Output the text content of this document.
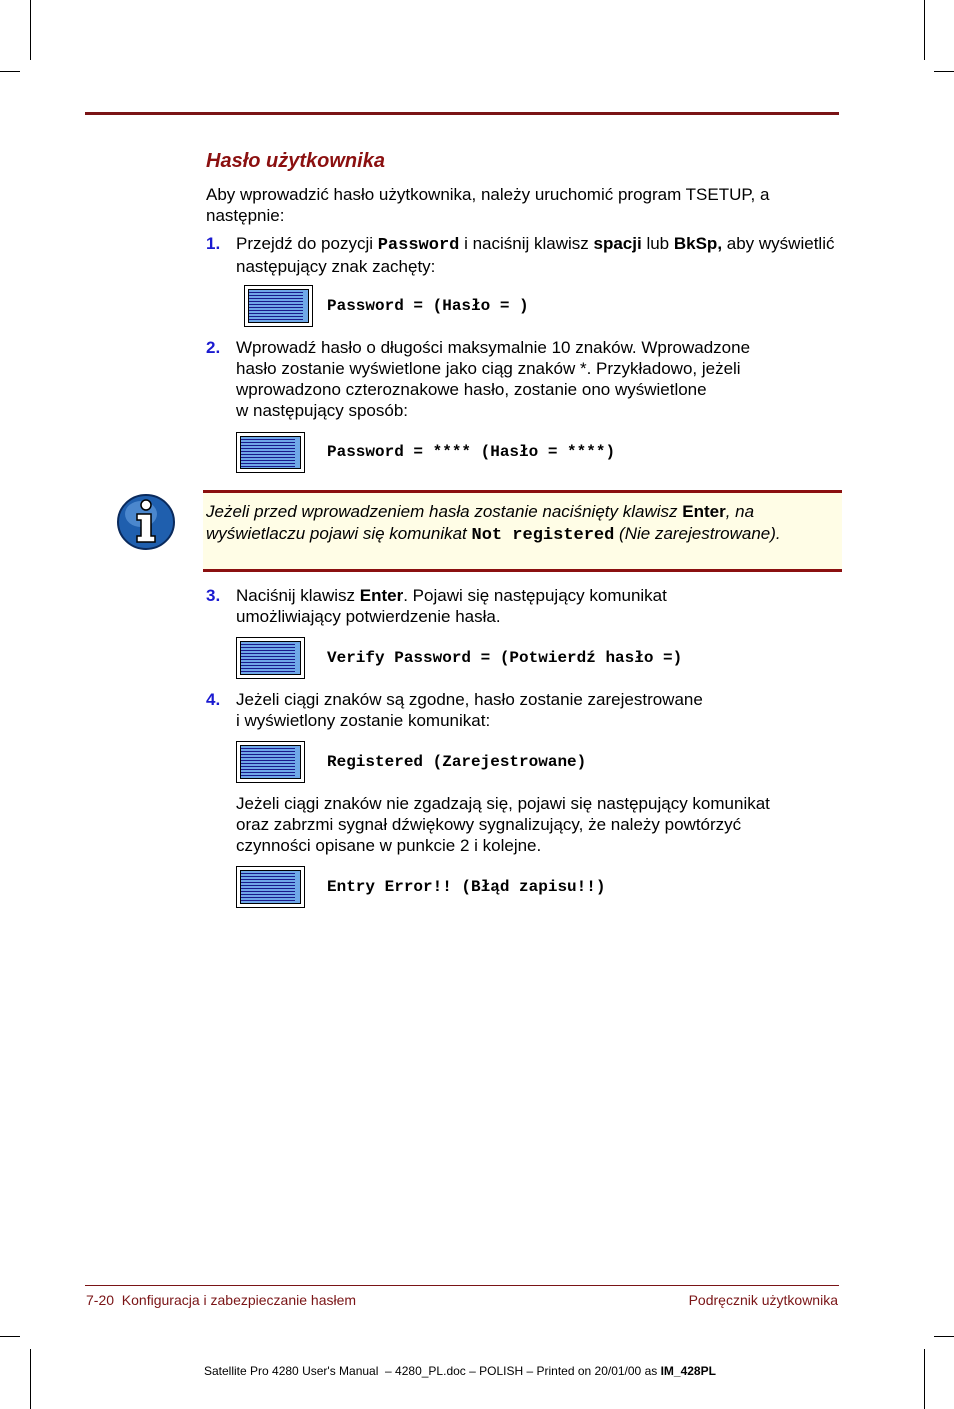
Hasło użytkownika
Aby wprowadzić hasło użytkownika, należy uruchomić program TSETUP, a następnie:
1. Przejdź do pozycji Password i naciśnij klawisz spacji lub BkSp, aby wyświetlić następujący znak zachęty:
Password = (Hasło = )
2. Wprowadź hasło o długości maksymalnie 10 znaków. Wprowadzone
hasło zostanie wyświetlone jako ciąg znaków *. Przykładowo, jeżeli
wprowadzono czteroznakowe hasło, zostanie ono wyświetlone
w następujący sposób:
Password = **** (Hasło = ****)
Jeżeli przed wprowadzeniem hasła zostanie naciśnięty klawisz Enter, na wyświetlaczu pojawi się komunikat Not registered (Nie zarejestrowane).
3. Naciśnij klawisz Enter. Pojawi się następujący komunikat
umożliwiający potwierdzenie hasła.
Verify Password = (Potwierdź hasło =)
4. Jeżeli ciągi znaków są zgodne, hasło zostanie zarejestrowane
i wyświetlony zostanie komunikat:
Registered (Zarejestrowane)
Jeżeli ciągi znaków nie zgadzają się, pojawi się następujący komunikat
oraz zabrzmi sygnał dźwiękowy sygnalizujący, że należy powtórzyć
czynności opisane w punkcie 2 i kolejne.
Entry Error!! (Błąd zapisu!!)
7-20  Konfiguracja i zabezpieczanie hasłem	Podręcznik użytkownika
Satellite Pro 4280 User's Manual  – 4280_PL.doc – POLISH – Printed on 20/01/00 as IM_428PL
